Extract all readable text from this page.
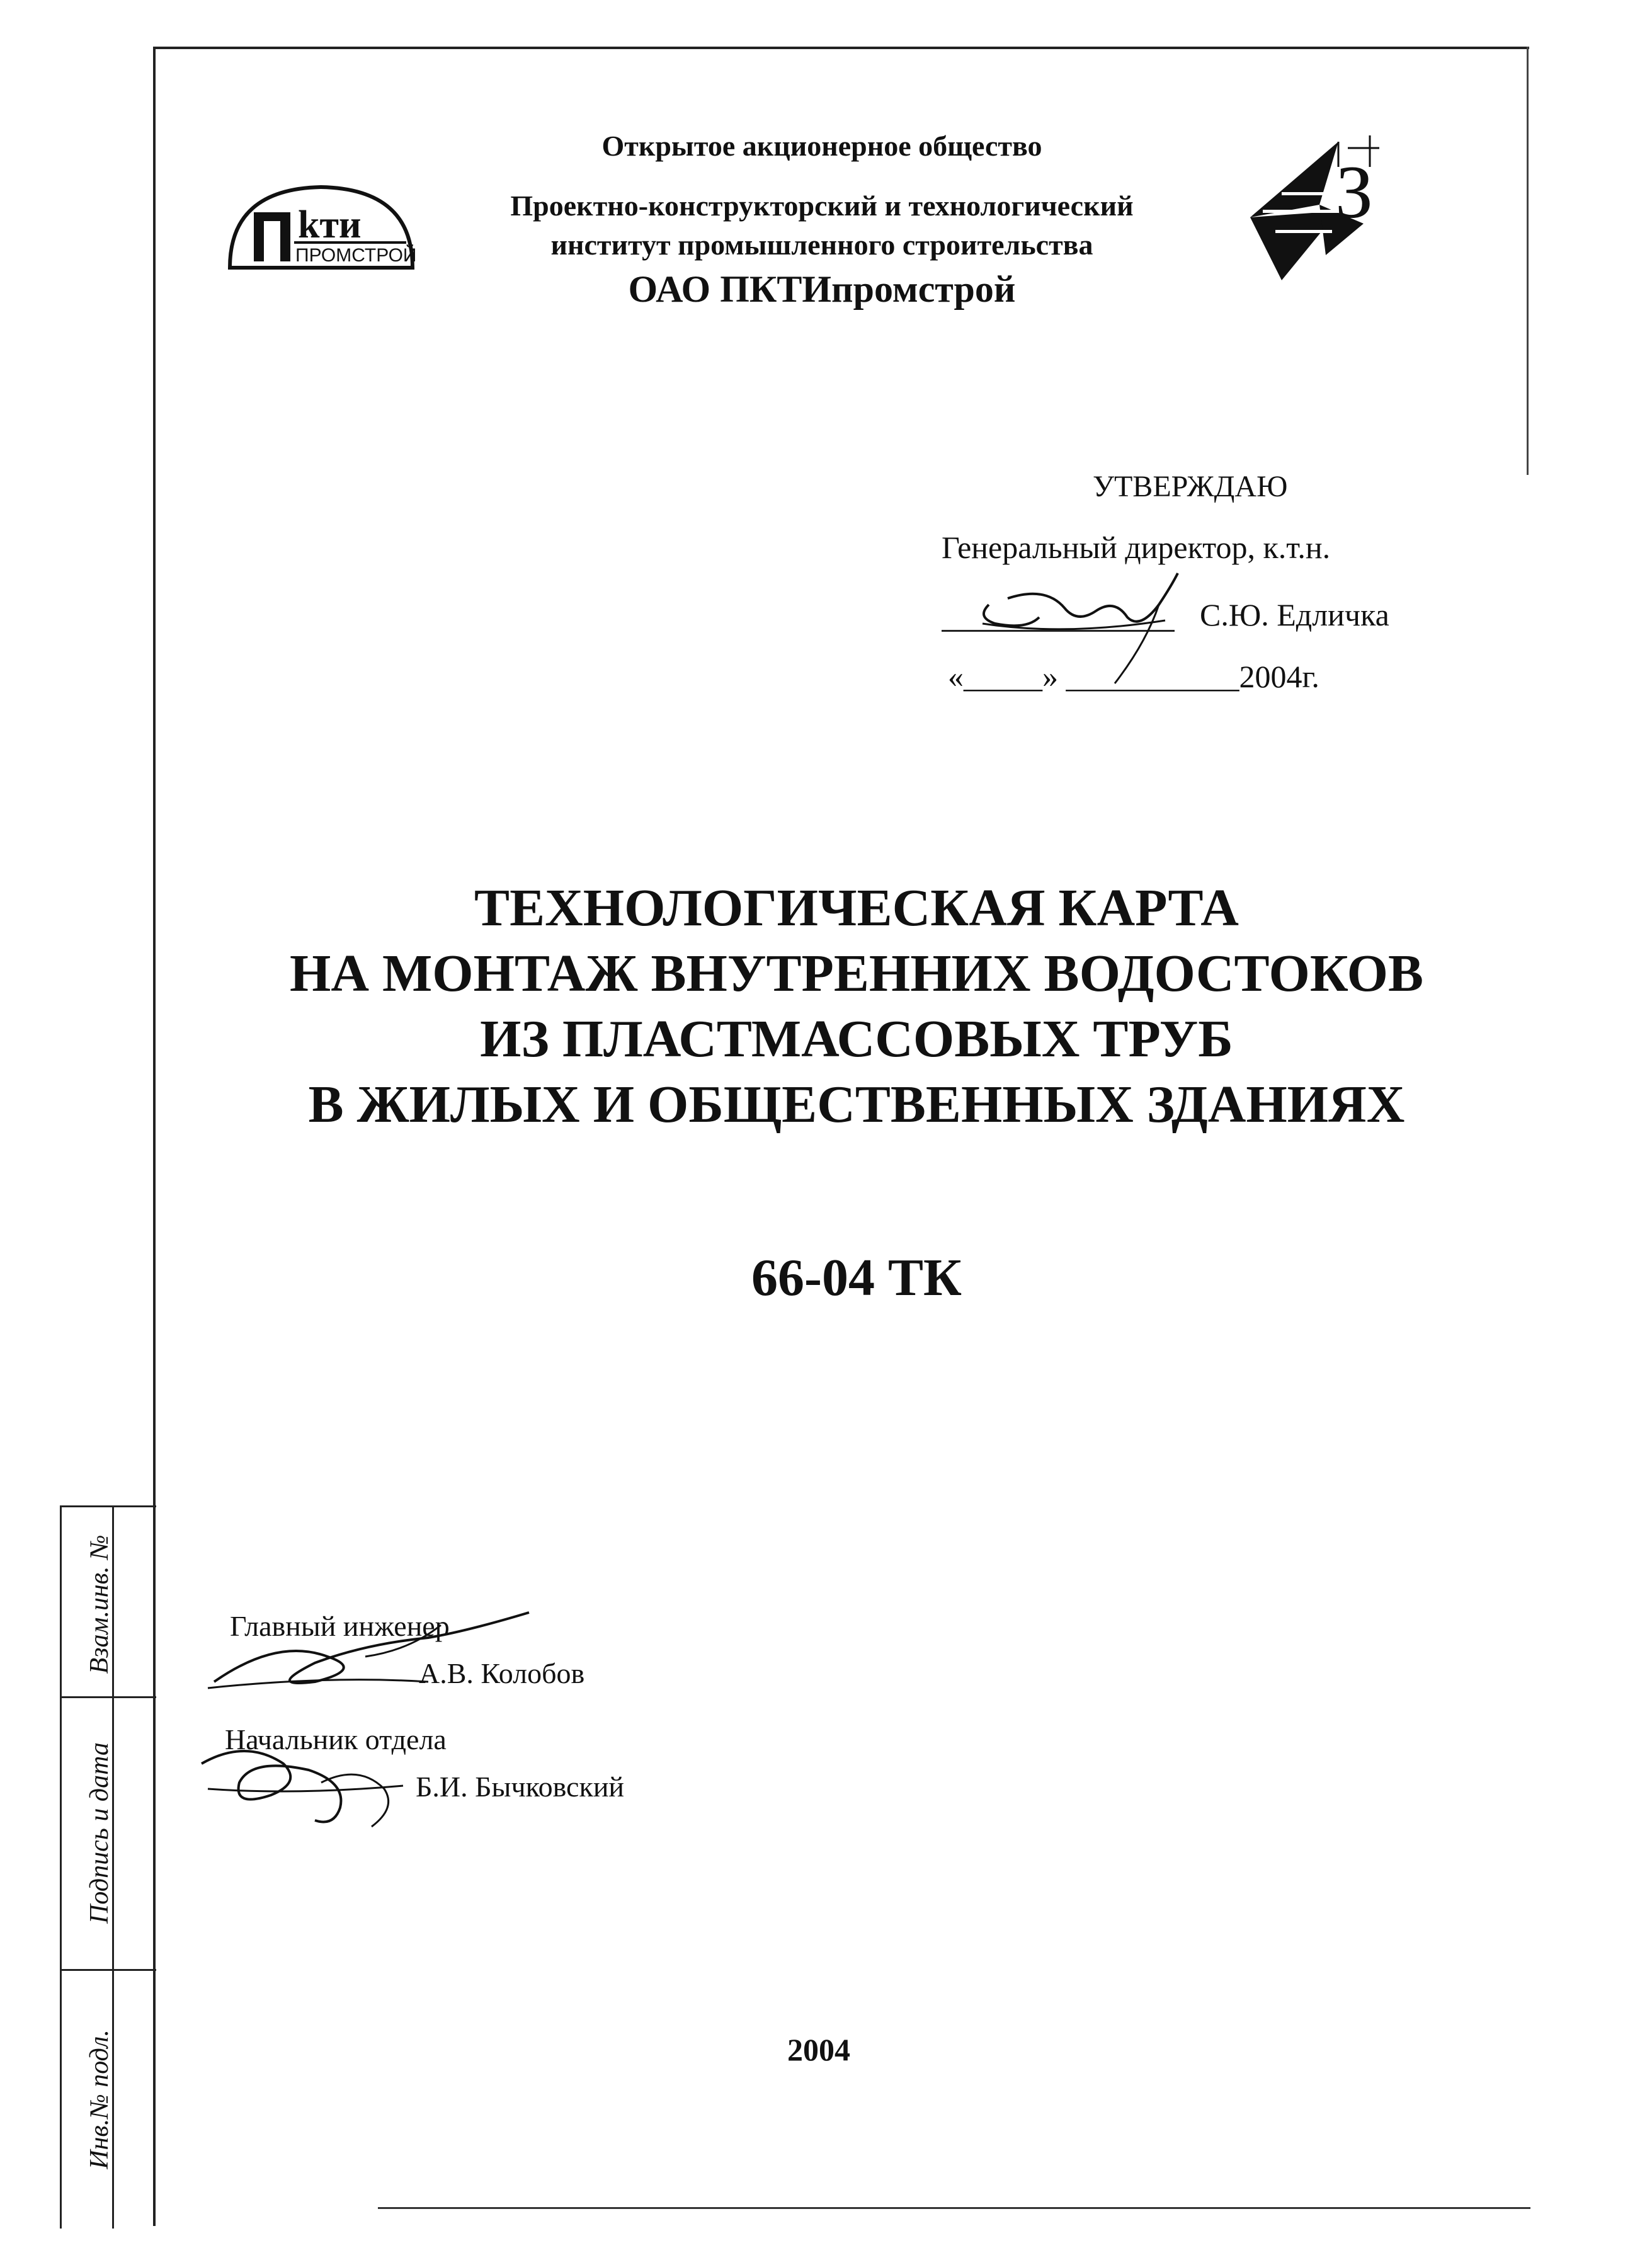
kти
ПРОМСТРОЙ
З
Открытое акционерное общество
Проектно-конструкторский и технологический
институт промышленного строительства
ОАО ПКТИпромстрой
УТВЕРЖДАЮ
Генеральный директор, к.т.н.
С.Ю. Едличка
«_____» ___________2004г.
ТЕХНОЛОГИЧЕСКАЯ КАРТА
НА МОНТАЖ ВНУТРЕННИХ ВОДОСТОКОВ
ИЗ ПЛАСТМАССОВЫХ ТРУБ
В ЖИЛЫХ И ОБЩЕСТВЕННЫХ ЗДАНИЯХ
66-04 ТК
Главный инженер
А.В. Колобов
Начальник отдела
Б.И. Бычковский
2004
Взам.инв. №
Подпись и дата
Инв.№ подл.
